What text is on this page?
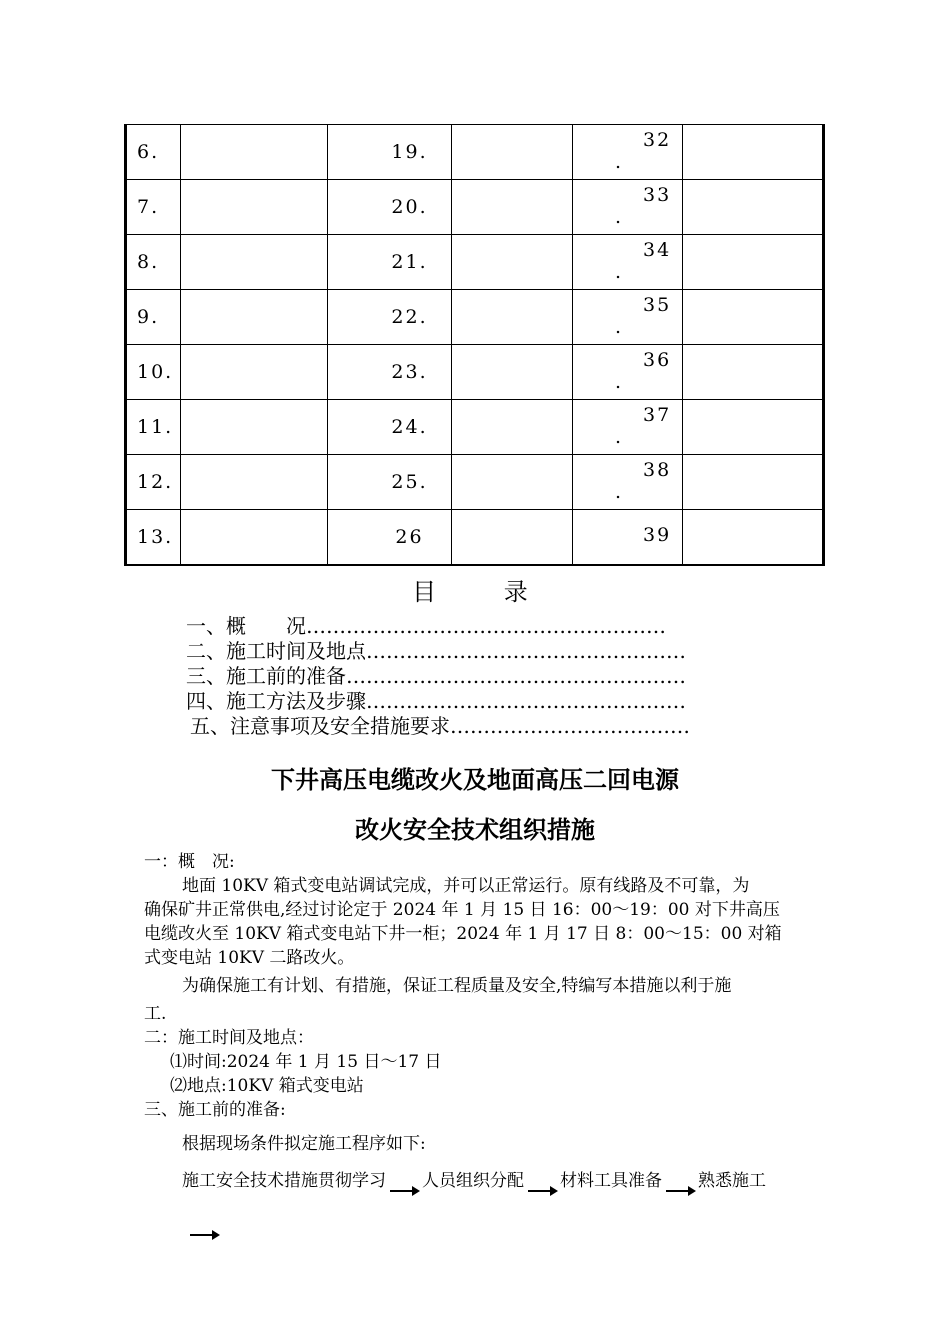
6.		19.		32
.	

7.		20.		33
.	

8.		21.		34
.	

9.		22.		35
.	

10.		23.		36
.	

11.		24.		37
.	

12.		25.		38
.	

13.		26		39	

目 录
一、概　　况………………………………………………
二、施工时间及地点…………………………………………
三、施工前的准备……………………………………………
四、施工方法及步骤…………………………………………
五、注意事项及安全措施要求………………………………
下井高压电缆改火及地面高压二回电源
改火安全技术组织措施
一：概　况:
地面 10KV 箱式变电站调试完成，并可以正常运行。原有线路及不可靠，为
确保矿井正常供电,经过讨论定于 2024 年 1 月 15 日 16：00～19：00 对下井高压
电缆改火至 10KV 箱式变电站下井一柜；2024 年 1 月 17 日 8：00～15：00 对箱
式变电站 10KV 二路改火。
为确保施工有计划、有措施，保证工程质量及安全,特编写本措施以利于施
工.
二：施工时间及地点：
⑴时间:2024 年 1 月 15 日～17 日
⑵地点:10KV 箱式变电站
三、施工前的准备:
根据现场条件拟定施工程序如下:
施工安全技术措施贯彻学习 人员组织分配 材料工具准备 熟悉施工
